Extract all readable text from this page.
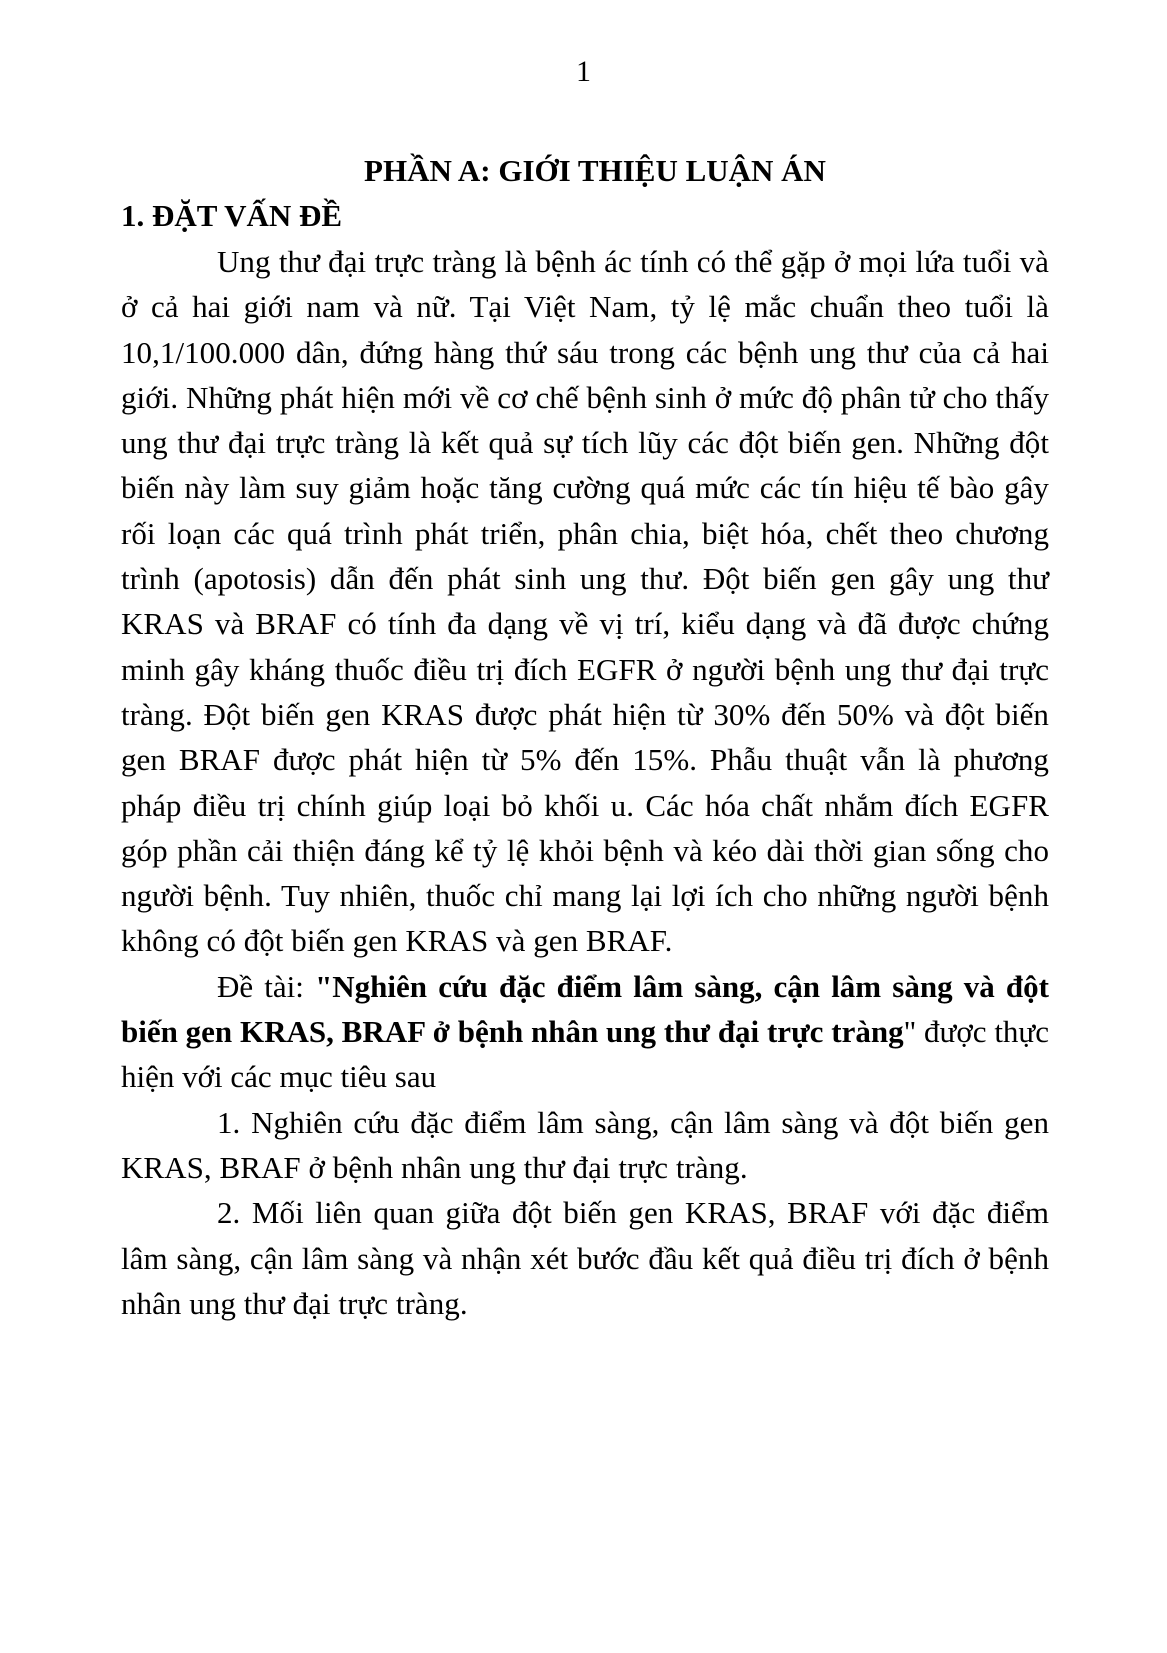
1

PHẦN A: GIỚI THIỆU LUẬN ÁN
1. ĐẶT VẤN ĐỀ

Ung thư đại trực tràng là bệnh ác tính có thể gặp ở mọi lứa tuổi và ở cả hai giới nam và nữ. Tại Việt Nam, tỷ lệ mắc chuẩn theo tuổi là 10,1/100.000 dân, đứng hàng thứ sáu trong các bệnh ung thư của cả hai giới. Những phát hiện mới về cơ chế bệnh sinh ở mức độ phân tử cho thấy ung thư đại trực tràng là kết quả sự tích lũy các đột biến gen. Những đột biến này làm suy giảm hoặc tăng cường quá mức các tín hiệu tế bào gây rối loạn các quá trình phát triển, phân chia, biệt hóa, chết theo chương trình (apotosis) dẫn đến phát sinh ung thư. Đột biến gen gây ung thư KRAS và BRAF có tính đa dạng về vị trí, kiểu dạng và đã được chứng minh gây kháng thuốc điều trị đích EGFR ở người bệnh ung thư đại trực tràng. Đột biến gen KRAS được phát hiện từ 30% đến 50% và đột biến gen BRAF được phát hiện từ 5% đến 15%. Phẫu thuật vẫn là phương pháp điều trị chính giúp loại bỏ khối u. Các hóa chất nhắm đích EGFR góp phần cải thiện đáng kể tỷ lệ khỏi bệnh và kéo dài thời gian sống cho người bệnh. Tuy nhiên, thuốc chỉ mang lại lợi ích cho những người bệnh không có đột biến gen KRAS và gen BRAF.

Đề tài: "Nghiên cứu đặc điểm lâm sàng, cận lâm sàng và đột biến gen KRAS, BRAF ở bệnh nhân ung thư đại trực tràng" được thực hiện với các mục tiêu sau

1. Nghiên cứu đặc điểm lâm sàng, cận lâm sàng và đột biến gen KRAS, BRAF ở bệnh nhân ung thư đại trực tràng.

2. Mối liên quan giữa đột biến gen KRAS, BRAF với đặc điểm lâm sàng, cận lâm sàng và nhận xét bước đầu kết quả điều trị đích ở bệnh nhân ung thư đại trực tràng.
